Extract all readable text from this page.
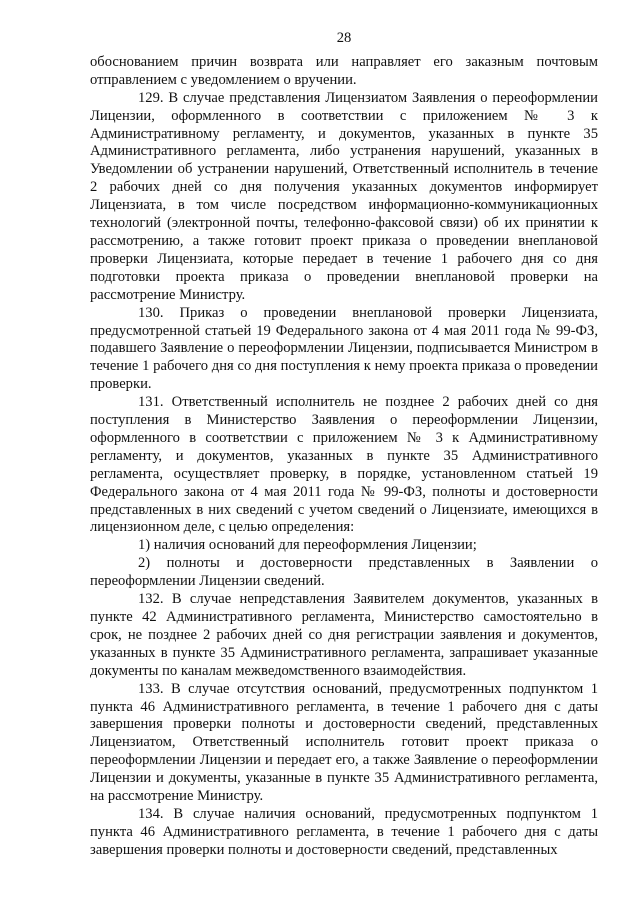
28

обоснованием причин возврата или направляет его заказным почтовым отправлением с уведомлением о вручении.

129. В случае представления Лицензиатом Заявления о переоформлении Лицензии, оформленного в соответствии с приложением № 3 к Административному регламенту, и документов, указанных в пункте 35 Административного регламента, либо устранения нарушений, указанных в Уведомлении об устранении нарушений, Ответственный исполнитель в течение 2 рабочих дней со дня получения указанных документов информирует Лицензиата, в том числе посредством информационно-коммуникационных технологий (электронной почты, телефонно-факсовой связи) об их принятии к рассмотрению, а также готовит проект приказа о проведении внеплановой проверки Лицензиата, которые передает в течение 1 рабочего дня со дня подготовки проекта приказа о проведении внеплановой проверки на рассмотрение Министру.

130. Приказ о проведении внеплановой проверки Лицензиата, предусмотренной статьей 19 Федерального закона от 4 мая 2011 года № 99-ФЗ, подавшего Заявление о переоформлении Лицензии, подписывается Министром в течение 1 рабочего дня со дня поступления к нему проекта приказа о проведении проверки.

131. Ответственный исполнитель не позднее 2 рабочих дней со дня поступления в Министерство Заявления о переоформлении Лицензии, оформленного в соответствии с приложением № 3 к Административному регламенту, и документов, указанных в пункте 35 Административного регламента, осуществляет проверку, в порядке, установленном статьей 19 Федерального закона от 4 мая 2011 года № 99-ФЗ, полноты и достоверности представленных в них сведений с учетом сведений о Лицензиате, имеющихся в лицензионном деле, с целью определения:

1) наличия оснований для переоформления Лицензии;

2) полноты и достоверности представленных в Заявлении о переоформлении Лицензии сведений.

132. В случае непредставления Заявителем документов, указанных в пункте 42 Административного регламента, Министерство самостоятельно в срок, не позднее 2 рабочих дней со дня регистрации заявления и документов, указанных в пункте 35 Административного регламента, запрашивает указанные документы по каналам межведомственного взаимодействия.

133. В случае отсутствия оснований, предусмотренных подпунктом 1 пункта 46 Административного регламента, в течение 1 рабочего дня с даты завершения проверки полноты и достоверности сведений, представленных Лицензиатом, Ответственный исполнитель готовит проект приказа о переоформлении Лицензии и передает его, а также Заявление о переоформлении Лицензии и документы, указанные в пункте 35 Административного регламента, на рассмотрение Министру.

134. В случае наличия оснований, предусмотренных подпунктом 1 пункта 46 Административного регламента, в течение 1 рабочего дня с даты завершения проверки полноты и достоверности сведений, представленных
